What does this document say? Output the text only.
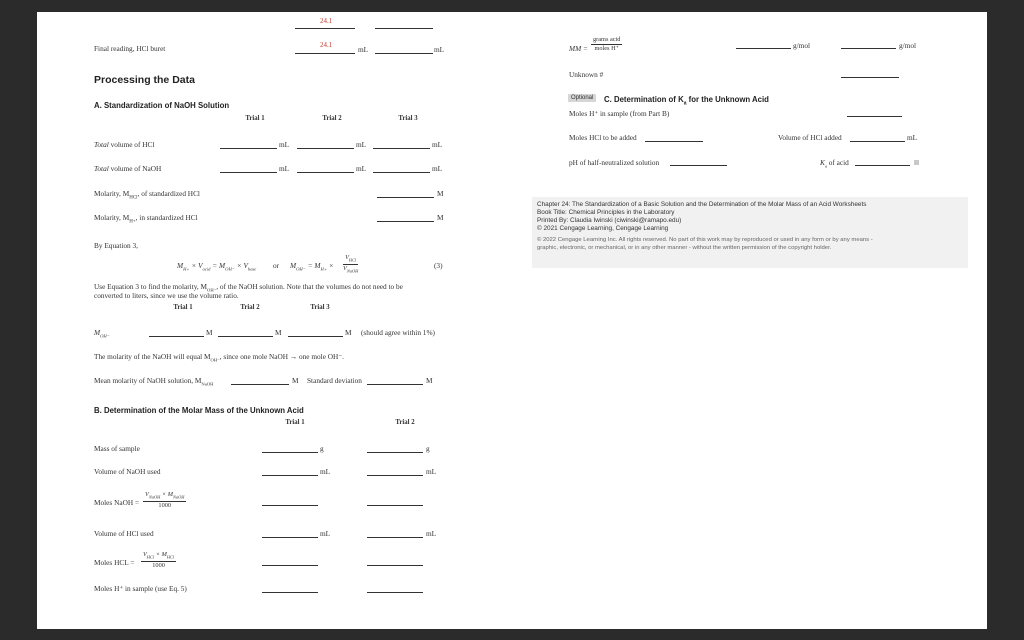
24.1
Final reading, HCl buret	24.1	mL	mL
Processing the Data
A. Standardization of NaOH Solution
Trial 1	Trial 2	Trial 3
Total volume of HCl	mL	mL	mL
Total volume of NaOH	mL	mL	mL
Molarity, $M_{HCl}$, of standardized HCl	M
Molarity, $M_{H+}$, in standardized HCl	M
By Equation 3,
$M_{H+} \times V_{acid} = M_{OH-} \times V_{base}$ or $M_{OH-} = M_{H+}$ ×
$V_{HCl}$
$V_{NaOH}$
(3)
Use Equation 3 to find the molarity, $M_{OH-}$, of the NaOH solution. Note that the volumes do not need to be
converted to liters, since we use the volume ratio.
Trial 1	Trial 2	Trial 3
$M_{OH-}$	M	M	M (should agree within 1%)
The molarity of the NaOH will equal $M_{OH-}$, since one mole NaOH → one mole OH⁻.
Mean molarity of NaOH solution, $M_{NaOH}$	M Standard deviation	M
B. Determination of the Molar Mass of the Unknown Acid
Trial 1	Trial 2
Mass of sample	g	g
Volume of NaOH used	mL	mL
Moles NaOH =
$V_{NaOH} \times M_{NaOH}$
1000
Volume of HCl used	mL	mL
Moles HCL =
$V_{HCl} \times M_{HCl}$
1000
Moles H⁺ in sample (use Eq. 5)
MM =
grams acid
moles H⁺	g/mol	g/mol
Unknown #
Optional	C. Determination of $K_a$ for the Unknown Acid
Moles H⁺ in sample (from Part B)
Moles HCl to be added	Volume of HCl added	mL
pH of half-neutralized solution	$K_a$ of acid
Chapter 24: The Standardization of a Basic Solution and the Determination of the Molar Mass of an Acid Worksheets
Book Title: Chemical Principles in the Laboratory
Printed By: Claudia Iwinski (ciwinski@ramapo.edu)
© 2021 Cengage Learning, Cengage Learning
© 2022 Cengage Learning Inc. All rights reserved. No part of this work may by reproduced or used in any form or by any means -
graphic, electronic, or mechanical, or in any other manner - without the written permission of the copyright holder.
